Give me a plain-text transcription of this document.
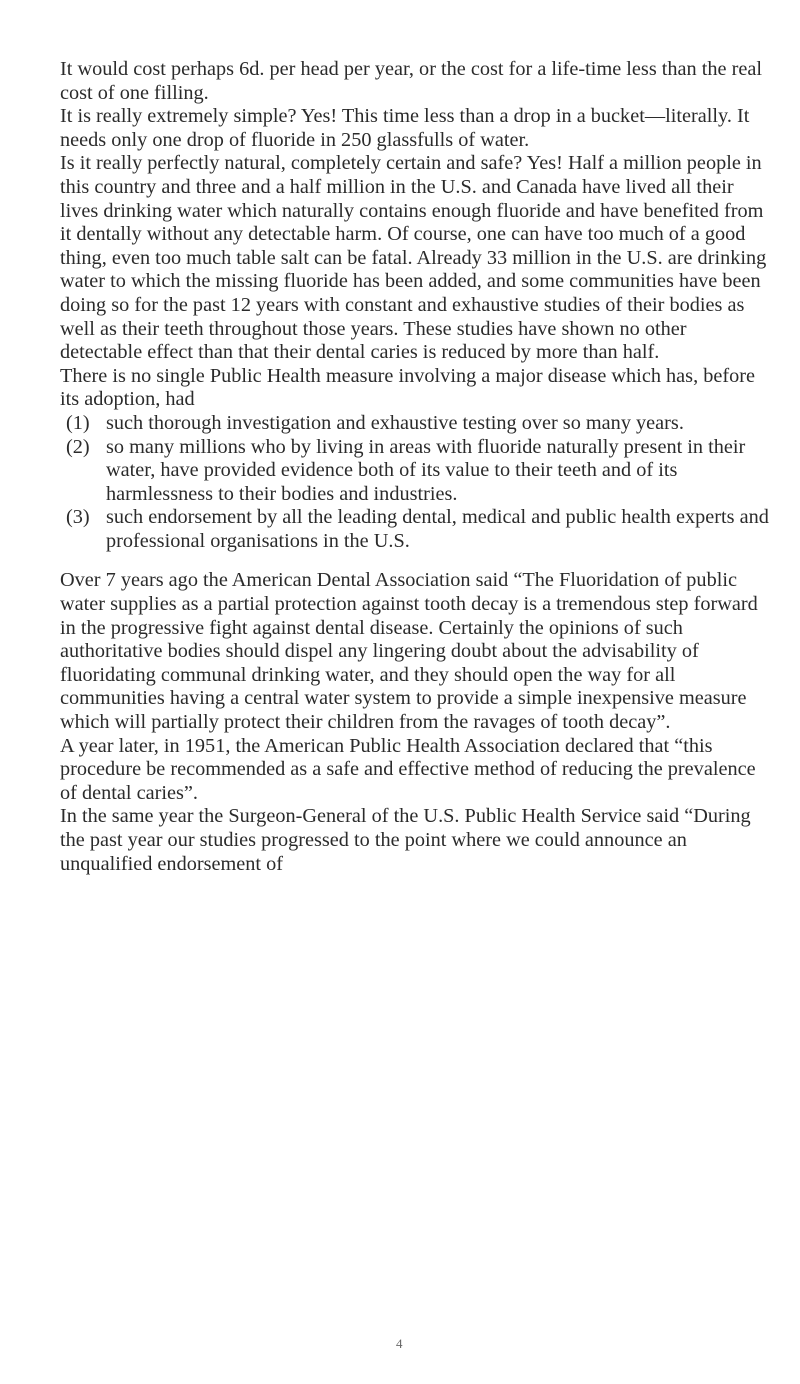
It would cost perhaps 6d. per head per year, or the cost for a life-time less than the real cost of one filling.

It is really extremely simple? Yes! This time less than a drop in a bucket—literally. It needs only one drop of fluoride in 250 glassfulls of water.

Is it really perfectly natural, completely certain and safe? Yes! Half a million people in this country and three and a half million in the U.S. and Canada have lived all their lives drinking water which naturally contains enough fluoride and have benefited from it dentally without any detectable harm. Of course, one can have too much of a good thing, even too much table salt can be fatal. Already 33 million in the U.S. are drinking water to which the missing fluoride has been added, and some communities have been doing so for the past 12 years with constant and exhaustive studies of their bodies as well as their teeth throughout those years. These studies have shown no other detectable effect than that their dental caries is reduced by more than half.

There is no single Public Health measure involving a major disease which has, before its adoption, had

(1) such thorough investigation and exhaustive testing over so many years.
(2) so many millions who by living in areas with fluoride naturally present in their water, have provided evidence both of its value to their teeth and of its harmlessness to their bodies and industries.
(3) such endorsement by all the leading dental, medical and public health experts and professional organisations in the U.S.

Over 7 years ago the American Dental Association said “The Fluoridation of public water supplies as a partial protection against tooth decay is a tremendous step forward in the progressive fight against dental disease. Certainly the opinions of such authoritative bodies should dispel any lingering doubt about the advisability of fluoridating communal drinking water, and they should open the way for all communities having a central water system to provide a simple inexpensive measure which will partially protect their children from the ravages of tooth decay”.

A year later, in 1951, the American Public Health Association declared that “this procedure be recommended as a safe and effective method of reducing the prevalence of dental caries”.

In the same year the Surgeon-General of the U.S. Public Health Service said “During the past year our studies progressed to the point where we could announce an unqualified endorsement of

4
